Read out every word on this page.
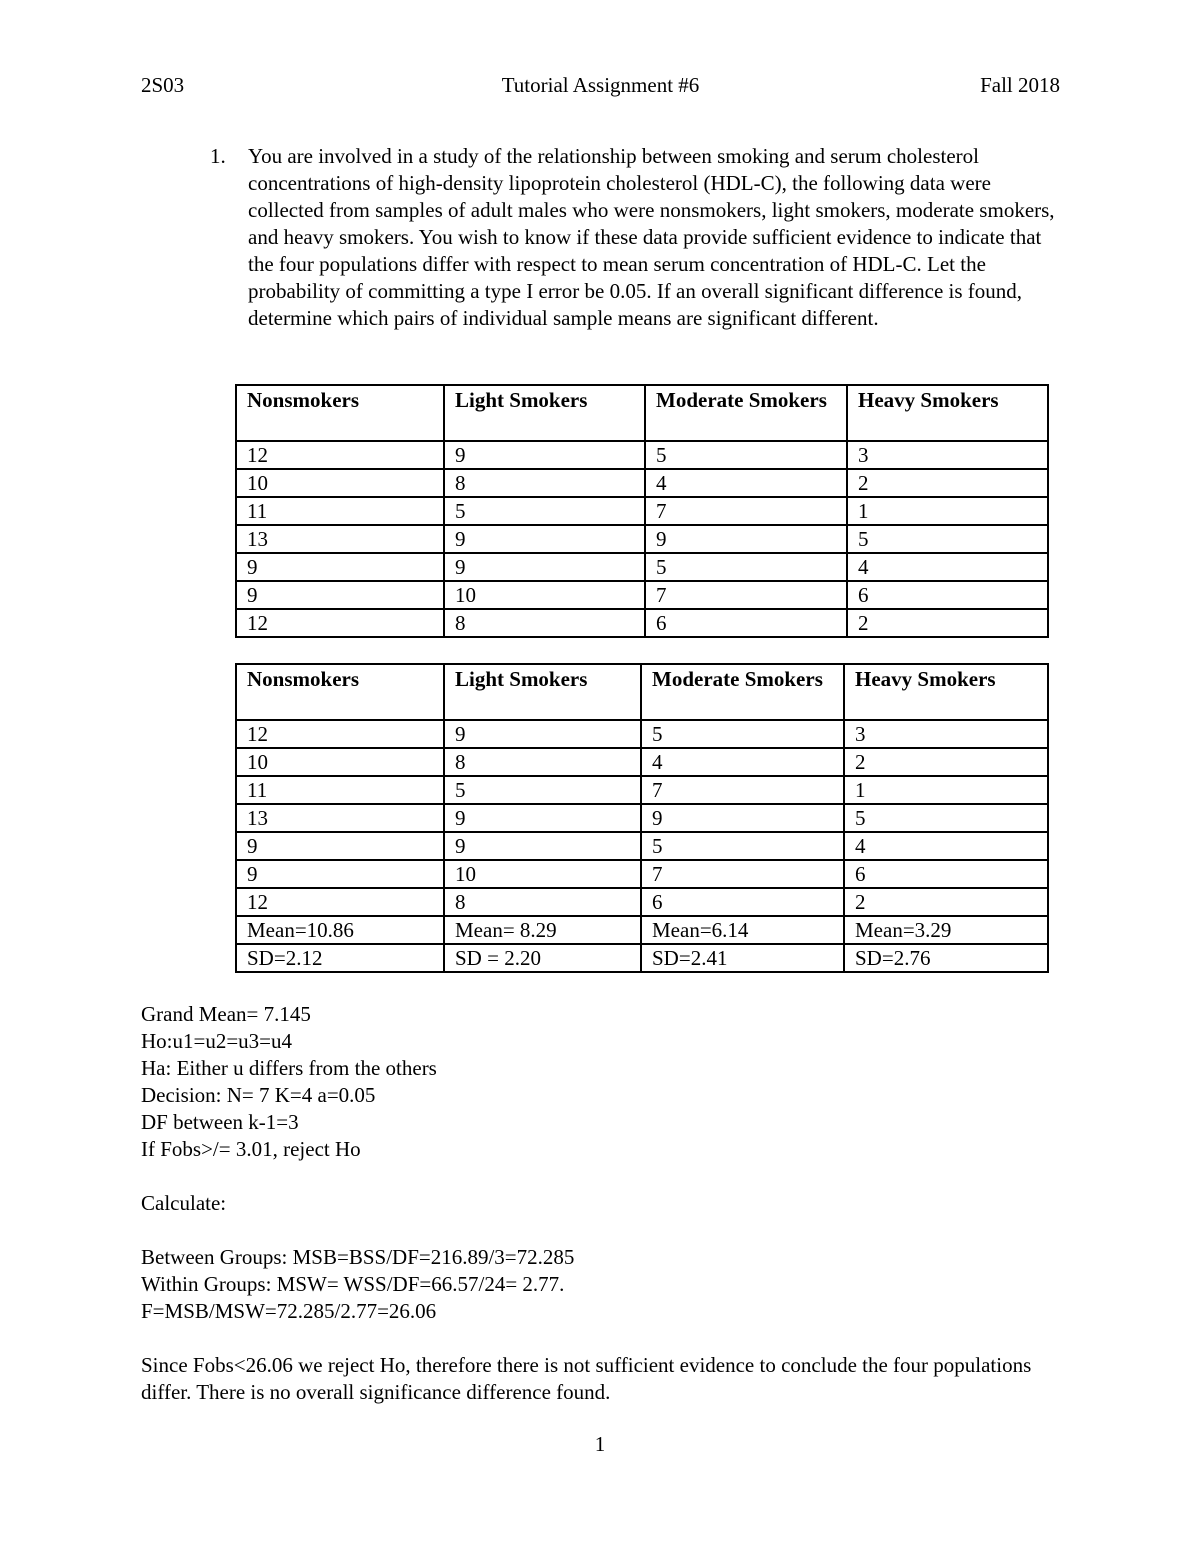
2S03	Tutorial Assignment #6	Fall 2018
1. You are involved in a study of the relationship between smoking and serum cholesterol concentrations of high-density lipoprotein cholesterol (HDL-C), the following data were collected from samples of adult males who were nonsmokers, light smokers, moderate smokers, and heavy smokers. You wish to know if these data provide sufficient evidence to indicate that the four populations differ with respect to mean serum concentration of HDL-C. Let the probability of committing a type I error be 0.05. If an overall significant difference is found, determine which pairs of individual sample means are significant different.
Nonsmokers	Light Smokers	Moderate Smokers	Heavy Smokers
12	9	5	3
10	8	4	2
11	5	7	1
13	9	9	5
9	9	5	4
9	10	7	6
12	8	6	2
Nonsmokers	Light Smokers	Moderate Smokers	Heavy Smokers
12	9	5	3
10	8	4	2
11	5	7	1
13	9	9	5
9	9	5	4
9	10	7	6
12	8	6	2
Mean=10.86	Mean= 8.29	Mean=6.14	Mean=3.29
SD=2.12	SD = 2.20	SD=2.41	SD=2.76
Grand Mean= 7.145
Ho:u1=u2=u3=u4
Ha: Either u differs from the others
Decision: N= 7 K=4 a=0.05
DF between k-1=3
If Fobs>/= 3.01, reject Ho
Calculate:
Between Groups: MSB=BSS/DF=216.89/3=72.285
Within Groups: MSW= WSS/DF=66.57/24= 2.77.
F=MSB/MSW=72.285/2.77=26.06
Since Fobs<26.06 we reject Ho, therefore there is not sufficient evidence to conclude the four populations differ. There is no overall significance difference found.
1
